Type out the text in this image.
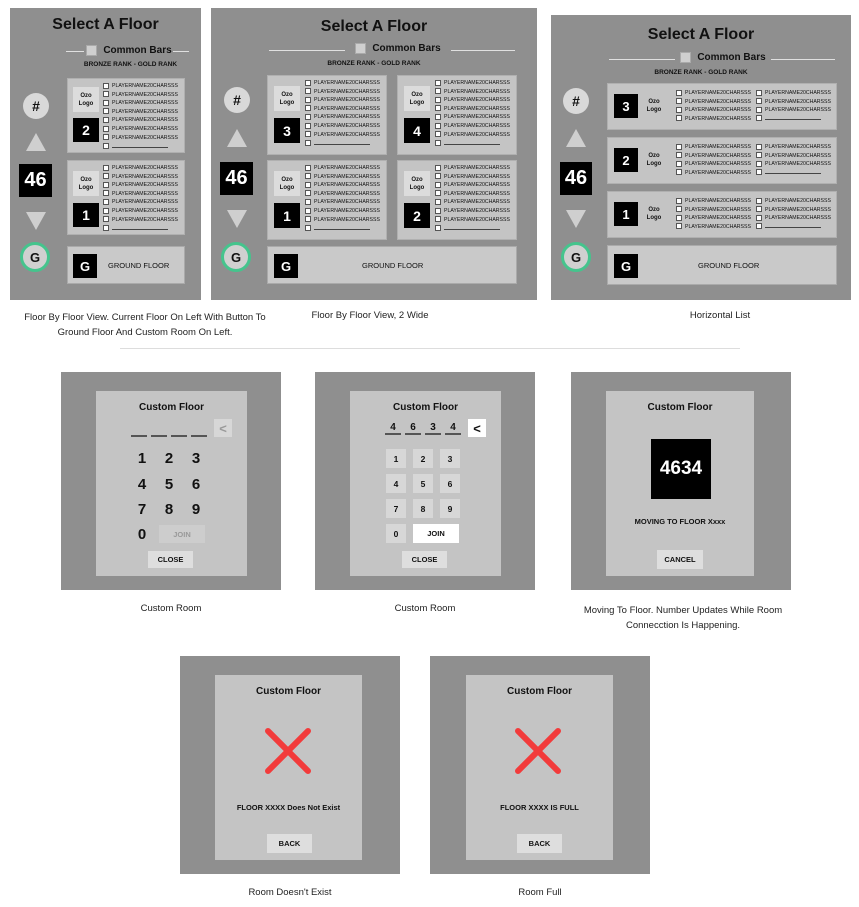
Select A Floor
Common Bars
BRONZE RANK - GOLD RANK
#
46
G
Ozo
Logo
2
PLAYERNAME20CHARSSS
PLAYERNAME20CHARSSS
PLAYERNAME20CHARSSS
PLAYERNAME20CHARSSS
PLAYERNAME20CHARSSS
PLAYERNAME20CHARSSS
PLAYERNAME20CHARSSS
Ozo
Logo
1
PLAYERNAME20CHARSSS
PLAYERNAME20CHARSSS
PLAYERNAME20CHARSSS
PLAYERNAME20CHARSSS
PLAYERNAME20CHARSSS
PLAYERNAME20CHARSSS
PLAYERNAME20CHARSSS
G	GROUND FLOOR
Select A Floor
Common Bars
BRONZE RANK - GOLD RANK
#
46
G
Ozo
Logo
3
PLAYERNAME20CHARSSS
PLAYERNAME20CHARSSS
PLAYERNAME20CHARSSS
PLAYERNAME20CHARSSS
PLAYERNAME20CHARSSS
PLAYERNAME20CHARSSS
PLAYERNAME20CHARSSS
Ozo
Logo
4
PLAYERNAME20CHARSSS
PLAYERNAME20CHARSSS
PLAYERNAME20CHARSSS
PLAYERNAME20CHARSSS
PLAYERNAME20CHARSSS
PLAYERNAME20CHARSSS
PLAYERNAME20CHARSSS
Ozo
Logo
1
PLAYERNAME20CHARSSS
PLAYERNAME20CHARSSS
PLAYERNAME20CHARSSS
PLAYERNAME20CHARSSS
PLAYERNAME20CHARSSS
PLAYERNAME20CHARSSS
PLAYERNAME20CHARSSS
Ozo
Logo
2
PLAYERNAME20CHARSSS
PLAYERNAME20CHARSSS
PLAYERNAME20CHARSSS
PLAYERNAME20CHARSSS
PLAYERNAME20CHARSSS
PLAYERNAME20CHARSSS
PLAYERNAME20CHARSSS
G	GROUND FLOOR
Select A Floor
Common Bars
BRONZE RANK - GOLD RANK
#
46
G
3	Ozo
Logo
PLAYERNAME20CHARSSS
PLAYERNAME20CHARSSS
PLAYERNAME20CHARSSS
PLAYERNAME20CHARSSS
PLAYERNAME20CHARSSS
PLAYERNAME20CHARSSS
PLAYERNAME20CHARSSS
2	Ozo
Logo
PLAYERNAME20CHARSSS
PLAYERNAME20CHARSSS
PLAYERNAME20CHARSSS
PLAYERNAME20CHARSSS
PLAYERNAME20CHARSSS
PLAYERNAME20CHARSSS
PLAYERNAME20CHARSSS
1	Ozo
Logo
PLAYERNAME20CHARSSS
PLAYERNAME20CHARSSS
PLAYERNAME20CHARSSS
PLAYERNAME20CHARSSS
PLAYERNAME20CHARSSS
PLAYERNAME20CHARSSS
PLAYERNAME20CHARSSS
G	GROUND FLOOR
Floor By Floor View. Current Floor On Left With Button To Ground Floor And Custom Room On Left.
Floor By Floor View, 2 Wide	Horizontal List
Custom Floor
<
1	2	3
4	5	6
7	8	9
0	JOIN
CLOSE
Custom Floor
4	6	3	4	<
1	2	3
4	5	6
7	8	9
0	JOIN
CLOSE
Custom Floor
4634
MOVING TO FLOOR Xxxx
CANCEL
Custom Room	Custom Room	Moving To Floor. Number Updates While Room Connecction Is Happening.
Custom Floor
FLOOR XXXX Does Not Exist
BACK
Custom Floor
FLOOR XXXX IS FULL
BACK
Room Doesn't Exist	Room Full
